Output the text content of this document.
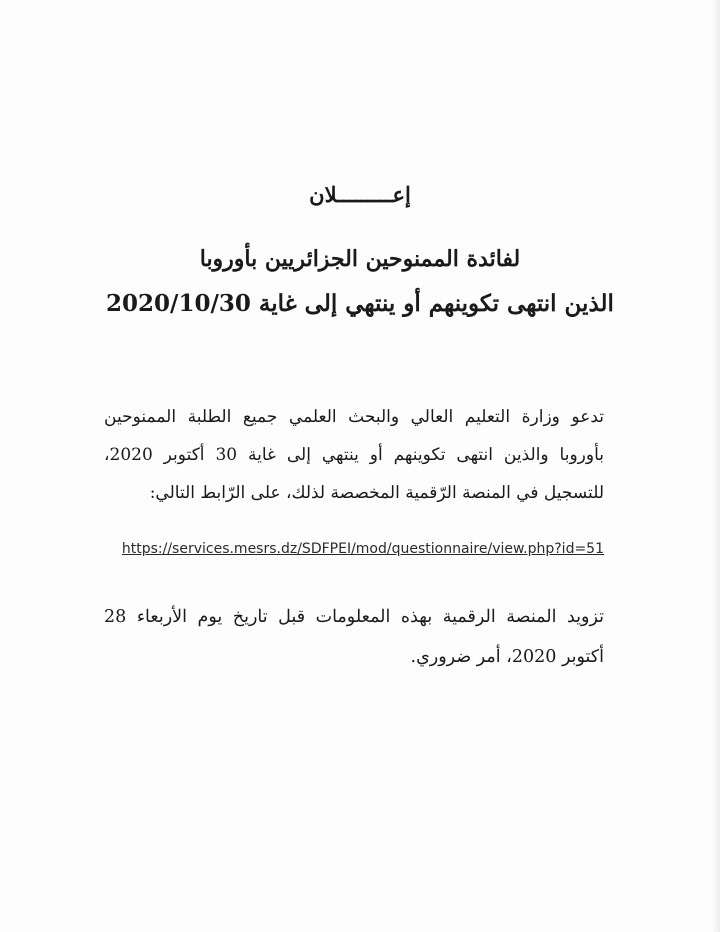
إعـــــــــلان
لفائدة الممنوحين الجزائريين بأوروبا
الذين انتهى تكوينهم أو ينتهي إلى غاية 2020/10/30
تدعو وزارة التعليم العالي والبحث العلمي جميع الطلبة الممنوحين بأوروبا والذين انتهى تكوينهم أو ينتهي إلى غاية 30 أكتوبر 2020، للتسجيل في المنصة الرّقمية المخصصة لذلك، على الرّابط التالي:
https://services.mesrs.dz/SDFPEI/mod/questionnaire/view.php?id=51
تزويد المنصة الرقمية بهذه المعلومات قبل تاريخ يوم الأربعاء 28 أكتوبر 2020، أمر ضروري.
